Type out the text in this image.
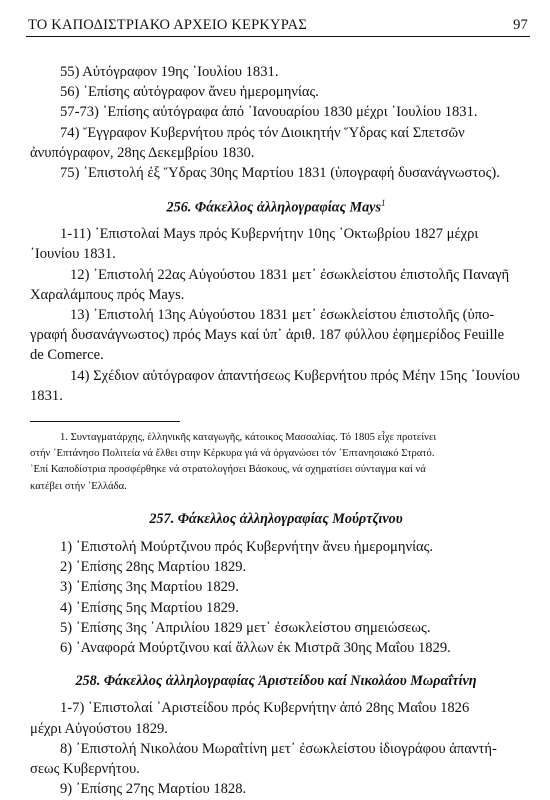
ΤΟ ΚΑΠΟΔΙΣΤΡΙΑΚΟ ΑΡΧΕΙΟ ΚΕΡΚΥΡΑΣ	97

55) Αὐτόγραφον 19ης ᾿Ιουλίου 1831.

56) ᾿Επίσης αὐτόγραφον ἄνευ ἡμερομηνίας.

57-73) ᾿Επίσης αὐτόγραφα ἀπό ᾿Ιανουαρίου 1830 μέχρι ᾿Ιουλίου 1831.

74) Ἔγγραφον Κυβερνήτου πρός τόν Διοικητήν Ὕδρας καί Σπετσῶν

ἀνυπόγραφον, 28ης Δεκεμβρίου 1830.

75) ᾿Επιστολή ἐξ Ὕδρας 30ης Μαρτίου 1831 (ὑπογραφή δυσανάγνωστος).

256. Φάκελλος ἀλληλογραφίας Mays$^1$

1-11) ᾿Επιστολαί Mays πρός Κυβερνήτην 10ης ᾿Οκτωβρίου 1827 μέχρι

᾿Ιουνίου 1831.

12) ᾿Επιστολή 22ας Αὐγούστου 1831 μετ᾿ ἐσωκλείστου ἐπιστολῆς Παναγῆ

Χαραλάμπους πρός Mays.

13) ᾿Επιστολή 13ης Αὐγούστου 1831 μετ᾿ ἐσωκλείστου ἐπιστολῆς (ὑπο-

γραφή δυσανάγνωστος) πρός Mays καί ὑπ᾿ ἀριθ. 187 φύλλου ἐφημερίδος Feuille

de Comerce.

14) Σχέδιον αὐτόγραφον ἀπαντήσεως Κυβερνήτου πρός Μέην 15ης ᾿Ιουνίου

1831.

1. Συνταγματάρχης, ἑλληνικῆς καταγωγῆς, κάτοικος Μασσαλίας. Τό 1805 εἶχε προτείνει

στήν ᾿Επτάνησο Πολιτεία νά ἔλθει στην Κέρκυρα γιά νά ὀργανώσει τόν ᾿Επτανησιακό Στρατό.

᾿Επί Καποδίστρια προσφέρθηκε νά στρατολογήσει Βάσκους, νά σχηματίσει σύνταγμα καί νά

κατέβει στήν ῾Ελλάδα.

257. Φάκελλος ἀλληλογραφίας Μούρτζινου

1) ᾿Επιστολή Μούρτζινου πρός Κυβερνήτην ἄνευ ἡμερομηνίας.

2) ᾿Επίσης 28ης Μαρτίου 1829.

3) ᾿Επίσης 3ης Μαρτίου 1829.

4) ᾿Επίσης 5ης Μαρτίου 1829.

5) ᾿Επίσης 3ης ᾿Απριλίου 1829 μετ᾿ ἐσωκλείστου σημειώσεως.

6) ᾿Αναφορά Μούρτζινου καί ἄλλων ἐκ Μιστρᾶ 30ης Μαΐου 1829.

258. Φάκελλος ἀλληλογραφίας Ἀριστείδου καί Νικολάου Μωραΐτίνη

1-7) ᾿Επιστολαί ᾿Αριστείδου πρός Κυβερνήτην ἀπό 28ης Μαΐου 1826

μέχρι Αὐγούστου 1829.

8) ᾿Επιστολή Νικολάου Μωραΐτίνη μετ᾿ ἐσωκλείστου ἰδιογράφου ἀπαντή-

σεως Κυβερνήτου.

9) ᾿Επίσης 27ης Μαρτίου 1828.
